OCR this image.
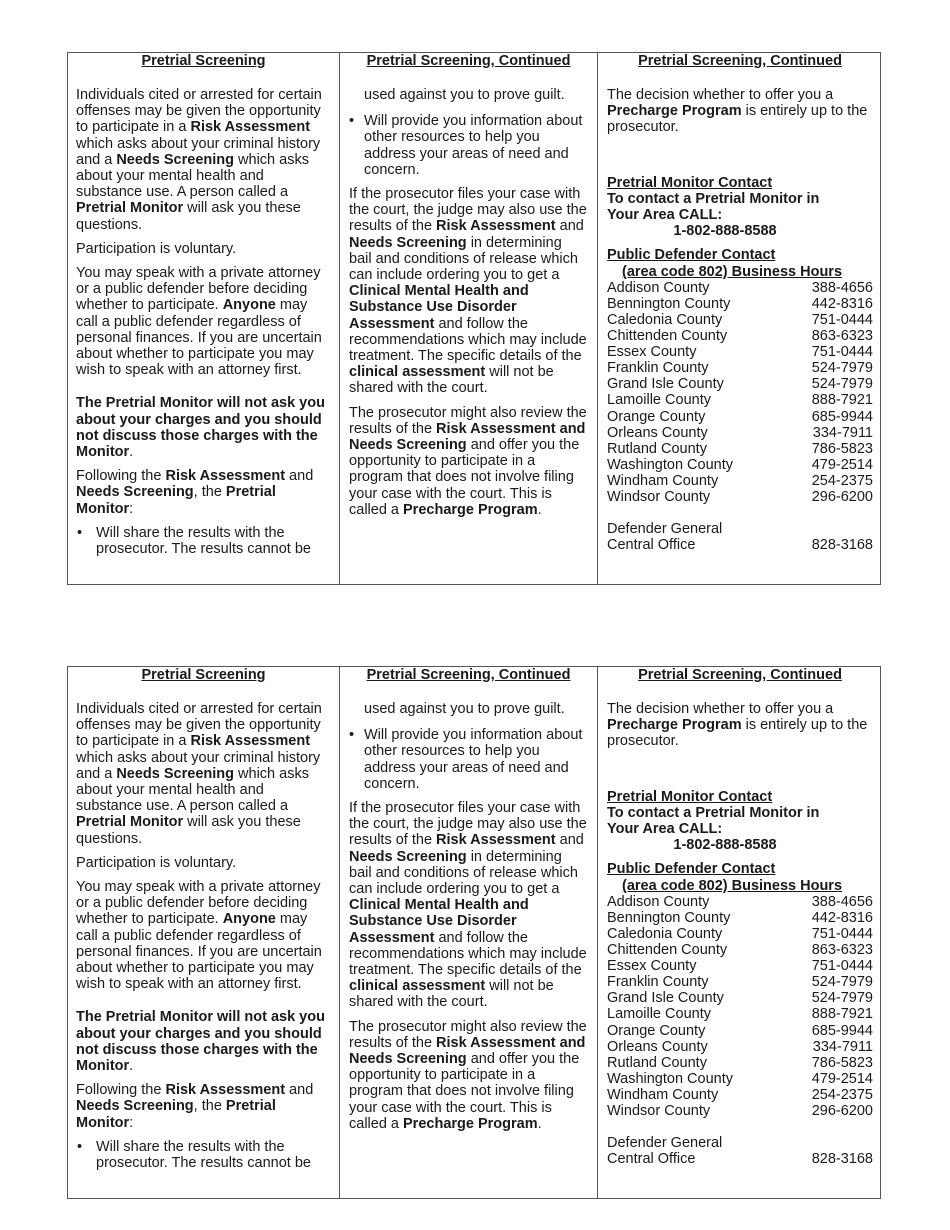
Pretrial Screening

Individuals cited or arrested for certain offenses may be given the opportunity to participate in a Risk Assessment which asks about your criminal history and a Needs Screening which asks about your mental health and substance use. A person called a Pretrial Monitor will ask you these questions.

Participation is voluntary.

You may speak with a private attorney or a public defender before deciding whether to participate. Anyone may call a public defender regardless of personal finances. If you are uncertain about whether to participate you may wish to speak with an attorney first.

The Pretrial Monitor will not ask you about your charges and you should not discuss those charges with the Monitor.

Following the Risk Assessment and Needs Screening, the Pretrial Monitor:

• Will share the results with the prosecutor. The results cannot be
Pretrial Screening, Continued

used against you to prove guilt.

• Will provide you information about other resources to help you address your areas of need and concern.

If the prosecutor files your case with the court, the judge may also use the results of the Risk Assessment and Needs Screening in determining bail and conditions of release which can include ordering you to get a Clinical Mental Health and Substance Use Disorder Assessment and follow the recommendations which may include treatment. The specific details of the clinical assessment will not be shared with the court.

The prosecutor might also review the results of the Risk Assessment and Needs Screening and offer you the opportunity to participate in a program that does not involve filing your case with the court. This is called a Precharge Program.

Pretrial Screening, Continued

The decision whether to offer you a Precharge Program is entirely up to the prosecutor.

Pretrial Monitor Contact
To contact a Pretrial Monitor in
Your Area CALL:
1-802-888-8588
Public Defender Contact
(area code 802) Business Hours
Addison County	388-4656
Bennington County	442-8316
Caledonia County	751-0444
Chittenden County	863-6323
Essex County	751-0444
Franklin County	524-7979
Grand Isle County	524-7979
Lamoille County	888-7921
Orange County	685-9944
Orleans County	334-7911
Rutland County	786-5823
Washington County	479-2514
Windham County	254-2375
Windsor County	296-6200
Defender General
Central Office	828-3168
Pretrial Screening

Individuals cited or arrested for certain offenses may be given the opportunity to participate in a Risk Assessment which asks about your criminal history and a Needs Screening which asks about your mental health and substance use. A person called a Pretrial Monitor will ask you these questions.

Participation is voluntary.

You may speak with a private attorney or a public defender before deciding whether to participate. Anyone may call a public defender regardless of personal finances. If you are uncertain about whether to participate you may wish to speak with an attorney first.

The Pretrial Monitor will not ask you about your charges and you should not discuss those charges with the Monitor.

Following the Risk Assessment and Needs Screening, the Pretrial Monitor:

• Will share the results with the prosecutor. The results cannot be
Pretrial Screening, Continued

used against you to prove guilt.

• Will provide you information about other resources to help you address your areas of need and concern.

If the prosecutor files your case with the court, the judge may also use the results of the Risk Assessment and Needs Screening in determining bail and conditions of release which can include ordering you to get a Clinical Mental Health and Substance Use Disorder Assessment and follow the recommendations which may include treatment. The specific details of the clinical assessment will not be shared with the court.

The prosecutor might also review the results of the Risk Assessment and Needs Screening and offer you the opportunity to participate in a program that does not involve filing your case with the court. This is called a Precharge Program.

Pretrial Screening, Continued

The decision whether to offer you a Precharge Program is entirely up to the prosecutor.

Pretrial Monitor Contact
To contact a Pretrial Monitor in
Your Area CALL:
1-802-888-8588
Public Defender Contact
(area code 802) Business Hours
Addison County	388-4656
Bennington County	442-8316
Caledonia County	751-0444
Chittenden County	863-6323
Essex County	751-0444
Franklin County	524-7979
Grand Isle County	524-7979
Lamoille County	888-7921
Orange County	685-9944
Orleans County	334-7911
Rutland County	786-5823
Washington County	479-2514
Windham County	254-2375
Windsor County	296-6200
Defender General
Central Office	828-3168
